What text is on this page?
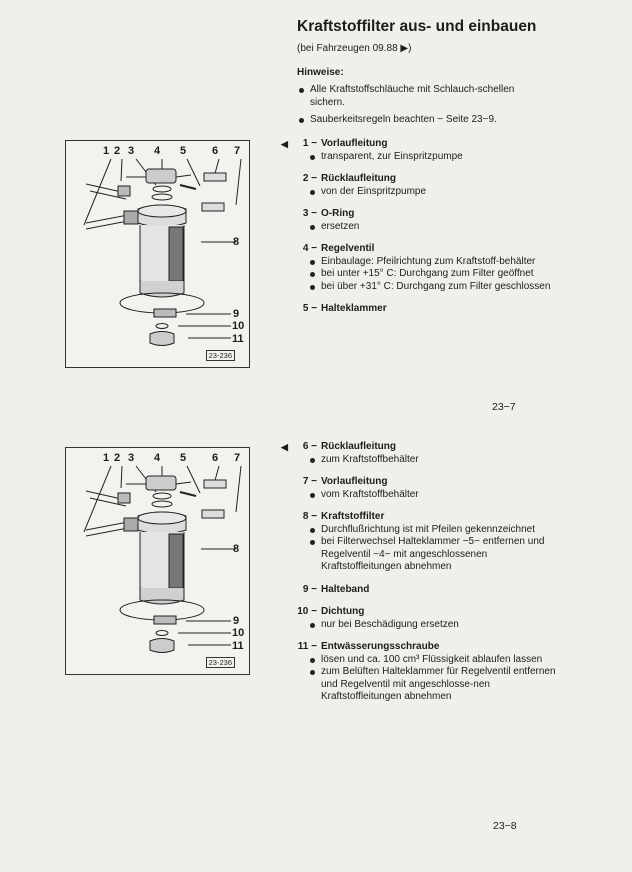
Kraftstoffilter aus- und einbauen
(bei Fahrzeugen 09.88 ▶)
Hinweise:
Alle Kraftstoffschläuche mit Schlauch-schellen sichern.
Sauberkeitsregeln beachten − Seite 23−9.
1 2 3 4 5 6 7
8
9
10
11
23-236
1 2 3 4 5 6 7
8
9
10
11
23-236
◀	1 − Vorlaufleitung
transparent, zur Einspritzpumpe
2 − Rücklaufleitung
von der Einspritzpumpe
3 − O-Ring
ersetzen
4 − Regelventil
Einbaulage: Pfeilrichtung zum Kraftstoff-behälter
bei unter +15° C: Durchgang zum Filter geöffnet
bei über +31° C: Durchgang zum Filter geschlossen
5 − Halteklammer
◀	6 − Rücklaufleitung
zum Kraftstoffbehälter
7 − Vorlaufleitung
vom Kraftstoffbehälter
8 − Kraftstoffilter
Durchflußrichtung ist mit Pfeilen gekennzeichnet
bei Filterwechsel Halteklammer −5− entfernen und Regelventil −4− mit angeschlossenen Kraftstoffleitungen abnehmen
9 − Halteband
10 − Dichtung
nur bei Beschädigung ersetzen
11 − Entwässerungsschraube
lösen und ca. 100 cm³ Flüssigkeit ablaufen lassen
zum Belüften Halteklammer für Regelventil entfernen und Regelventil mit angeschlosse-nen Kraftstoffleitungen abnehmen
23−7
23−8
